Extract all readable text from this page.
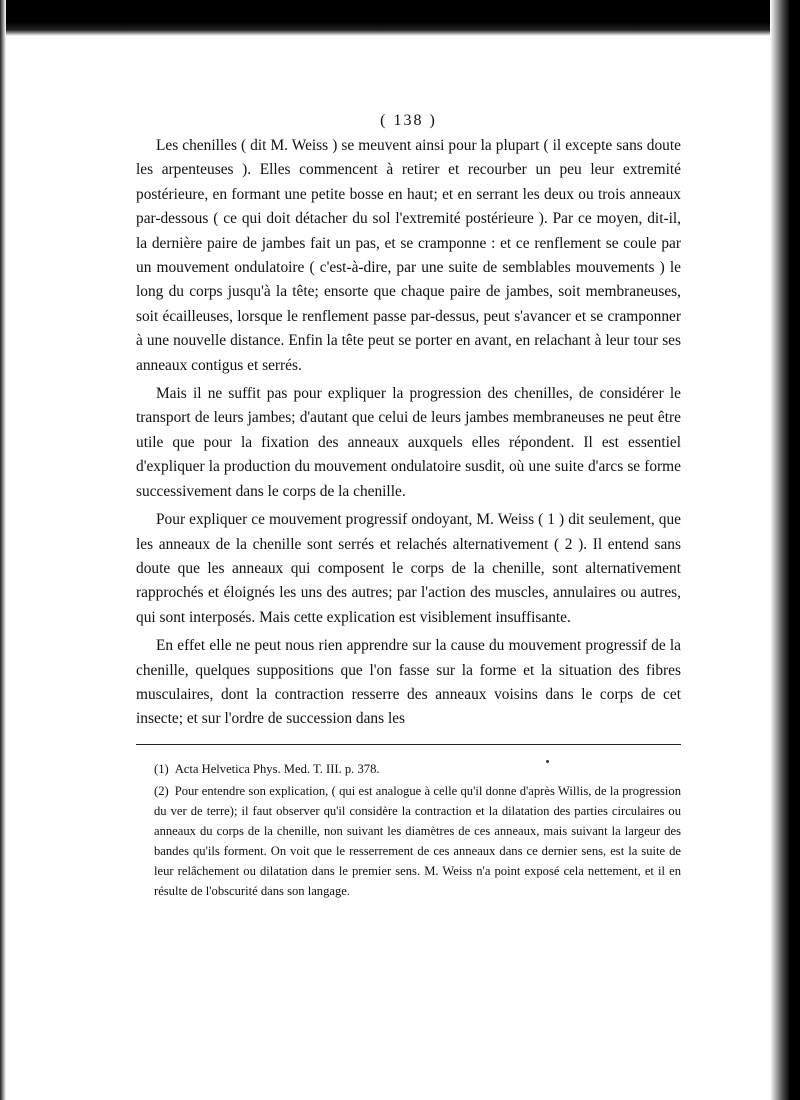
( 138 )

Les chenilles ( dit M. Weiss ) se meuvent ainsi pour la plupart ( il excepte sans doute les arpenteuses ). Elles commencent à retirer et recourber un peu leur extremité postérieure, en formant une petite bosse en haut; et en serrant les deux ou trois anneaux par-dessous ( ce qui doit détacher du sol l'extremité postérieure ). Par ce moyen, dit-il, la dernière paire de jambes fait un pas, et se cramponne : et ce renflement se coule par un mouvement ondulatoire ( c'est-à-dire, par une suite de semblables mouvements ) le long du corps jusqu'à la tête; ensorte que chaque paire de jambes, soit membraneuses, soit écailleuses, lorsque le renflement passe par-dessus, peut s'avancer et se cramponner à une nouvelle distance. Enfin la tête peut se porter en avant, en relachant à leur tour ses anneaux contigus et serrés.

Mais il ne suffit pas pour expliquer la progression des chenilles, de considérer le transport de leurs jambes; d'autant que celui de leurs jambes membraneuses ne peut être utile que pour la fixation des anneaux auxquels elles répondent. Il est essentiel d'expliquer la production du mouvement ondulatoire susdit, où une suite d'arcs se forme successivement dans le corps de la chenille.

Pour expliquer ce mouvement progressif ondoyant, M. Weiss ( 1 ) dit seulement, que les anneaux de la chenille sont serrés et relachés alternativement ( 2 ). Il entend sans doute que les anneaux qui composent le corps de la chenille, sont alternativement rapprochés et éloignés les uns des autres; par l'action des muscles, annulaires ou autres, qui sont interposés. Mais cette explication est visiblement insuffisante.

En effet elle ne peut nous rien apprendre sur la cause du mouvement progressif de la chenille, quelques suppositions que l'on fasse sur la forme et la situation des fibres musculaires, dont la contraction resserre des anneaux voisins dans le corps de cet insecte; et sur l'ordre de succession dans les

(1) Acta Helvetica Phys. Med. T. III. p. 378.

(2) Pour entendre son explication, ( qui est analogue à celle qu'il donne d'après Willis, de la progression du ver de terre); il faut observer qu'il considère la contraction et la dilatation des parties circulaires ou anneaux du corps de la chenille, non suivant les diamètres de ces anneaux, mais suivant la largeur des bandes qu'ils forment. On voit que le resserrement de ces anneaux dans ce dernier sens, est la suite de leur relâchement ou dilatation dans le premier sens. M. Weiss n'a point exposé cela nettement, et il en résulte de l'obscurité dans son langage.
